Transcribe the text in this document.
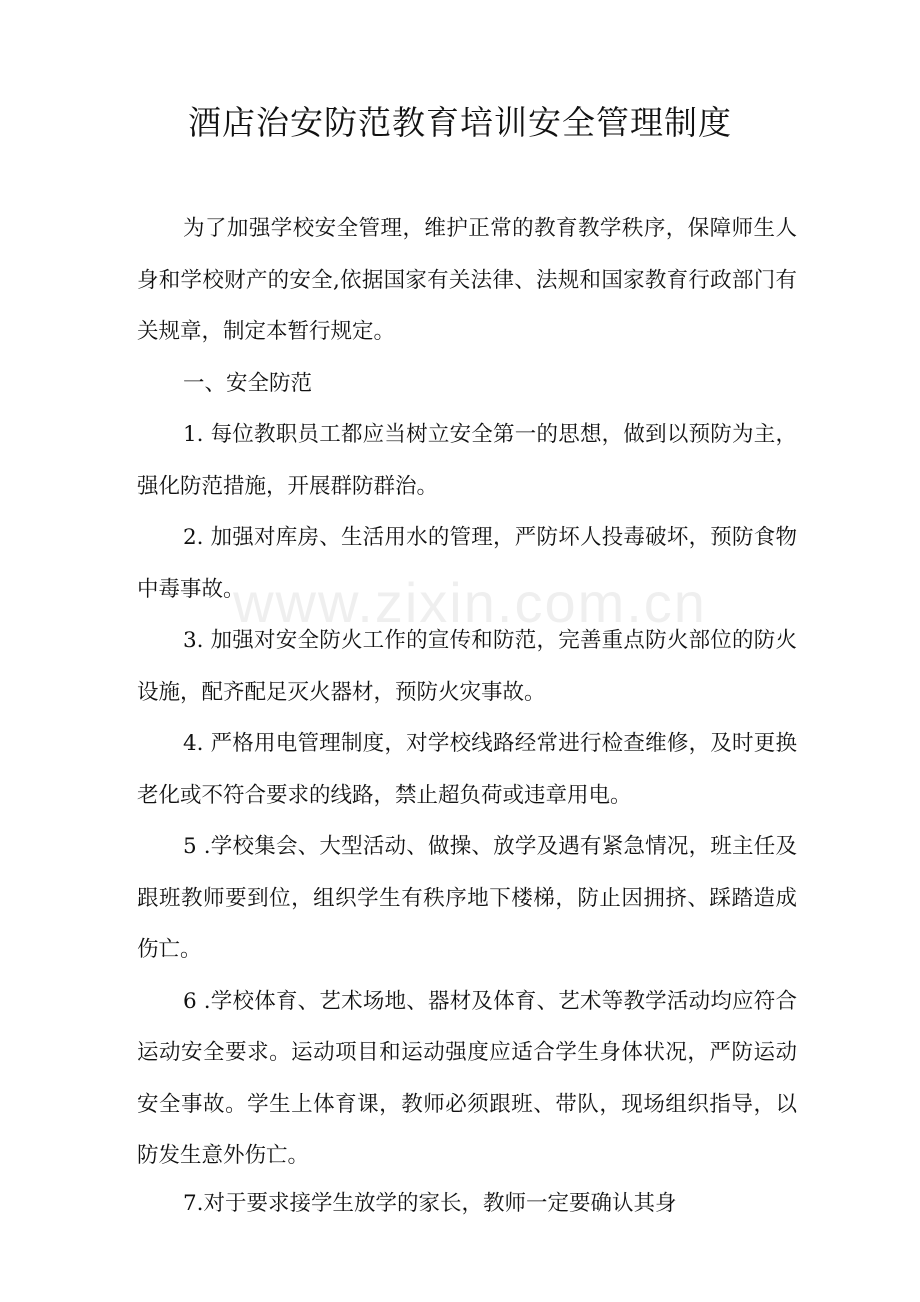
酒店治安防范教育培训安全管理制度

为了加强学校安全管理，维护正常的教育教学秩序，保障师生人身和学校财产的安全,依据国家有关法律、法规和国家教育行政部门有关规章，制定本暂行规定。

一、安全防范

1. 每位教职员工都应当树立安全第一的思想，做到以预防为主，强化防范措施，开展群防群治。

2. 加强对库房、生活用水的管理，严防坏人投毒破坏，预防食物中毒事故。

3. 加强对安全防火工作的宣传和防范，完善重点防火部位的防火设施，配齐配足灭火器材，预防火灾事故。

4. 严格用电管理制度，对学校线路经常进行检查维修，及时更换老化或不符合要求的线路，禁止超负荷或违章用电。

5 .学校集会、大型活动、做操、放学及遇有紧急情况，班主任及跟班教师要到位，组织学生有秩序地下楼梯，防止因拥挤、踩踏造成伤亡。

6 .学校体育、艺术场地、器材及体育、艺术等教学活动均应符合运动安全要求。运动项目和运动强度应适合学生身体状况，严防运动安全事故。学生上体育课，教师必须跟班、带队，现场组织指导，以防发生意外伤亡。

7.对于要求接学生放学的家长，教师一定要确认其身

www.zixin.com.cn
